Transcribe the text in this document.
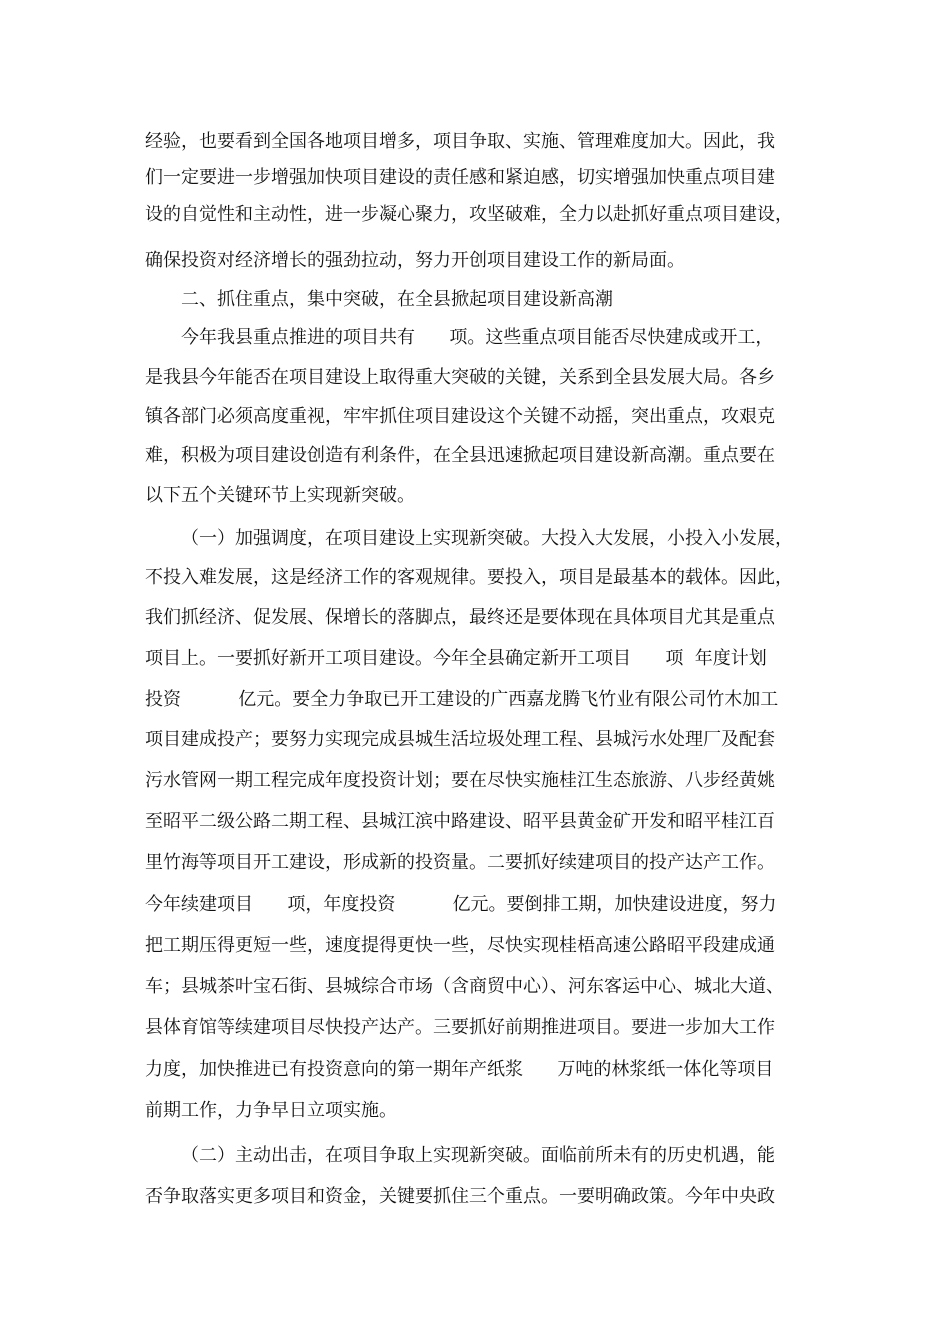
经验，也要看到全国各地项目增多，项目争取、实施、管理难度加大。因此，我
们一定要进一步增强加快项目建设的责任感和紧迫感，切实增强加快重点项目建
设的自觉性和主动性，进一步凝心聚力，攻坚破难，全力以赴抓好重点项目建设，
确保投资对经济增长的强劲拉动，努力开创项目建设工作的新局面。
二、抓住重点，集中突破，在全县掀起项目建设新高潮
今年我县重点推进的项目共有      项。这些重点项目能否尽快建成或开工，
是我县今年能否在项目建设上取得重大突破的关键，关系到全县发展大局。各乡
镇各部门必须高度重视，牢牢抓住项目建设这个关键不动摇，突出重点，攻艰克
难，积极为项目建设创造有利条件，在全县迅速掀起项目建设新高潮。重点要在
以下五个关键环节上实现新突破。
（一）加强调度，在项目建设上实现新突破。大投入大发展，小投入小发展，
不投入难发展，这是经济工作的客观规律。要投入，项目是最基本的载体。因此，
我们抓经济、促发展、保增长的落脚点，最终还是要体现在具体项目尤其是重点
项目上。一要抓好新开工项目建设。今年全县确定新开工项目      项  年度计划
投资          亿元。要全力争取已开工建设的广西嘉龙腾飞竹业有限公司竹木加工
项目建成投产；要努力实现完成县城生活垃圾处理工程、县城污水处理厂及配套
污水管网一期工程完成年度投资计划；要在尽快实施桂江生态旅游、八步经黄姚
至昭平二级公路二期工程、县城江滨中路建设、昭平县黄金矿开发和昭平桂江百
里竹海等项目开工建设，形成新的投资量。二要抓好续建项目的投产达产工作。
今年续建项目      项，年度投资          亿元。要倒排工期，加快建设进度，努力
把工期压得更短一些，速度提得更快一些，尽快实现桂梧高速公路昭平段建成通
车；县城茶叶宝石街、县城综合市场（含商贸中心）、河东客运中心、城北大道、
县体育馆等续建项目尽快投产达产。三要抓好前期推进项目。要进一步加大工作
力度，加快推进已有投资意向的第一期年产纸浆      万吨的林浆纸一体化等项目
前期工作，力争早日立项实施。
（二）主动出击，在项目争取上实现新突破。面临前所未有的历史机遇，能
否争取落实更多项目和资金，关键要抓住三个重点。一要明确政策。今年中央政
